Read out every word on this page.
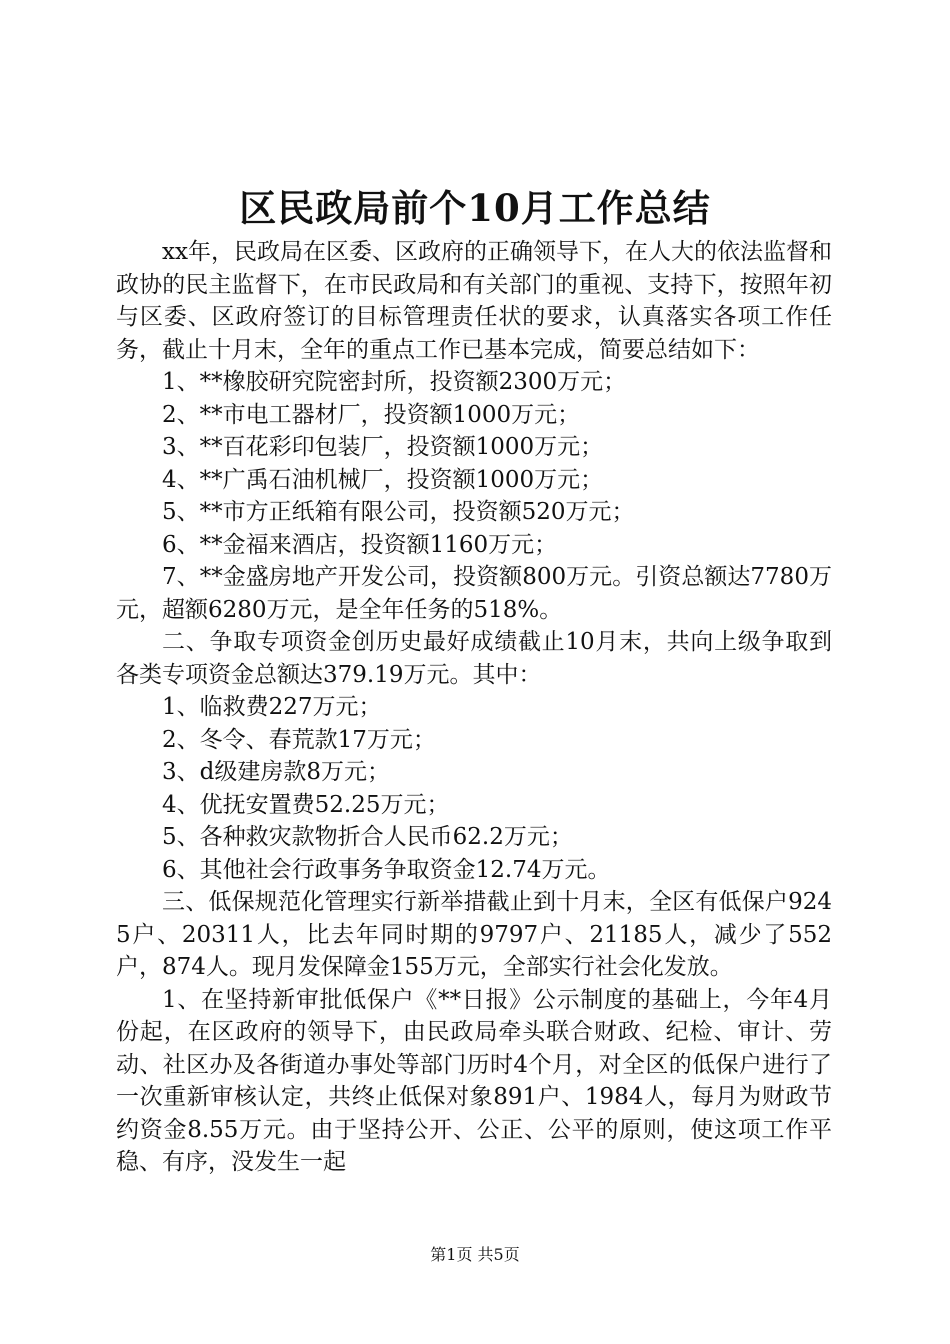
区民政局前个10月工作总结

xx年，民政局在区委、区政府的正确领导下，在人大的依法监督和政协的民主监督下，在市民政局和有关部门的重视、支持下，按照年初与区委、区政府签订的目标管理责任状的要求，认真落实各项工作任务，截止十月末，全年的重点工作已基本完成，简要总结如下：

1、**橡胶研究院密封所，投资额2300万元；

2、**市电工器材厂，投资额1000万元；

3、**百花彩印包装厂，投资额1000万元；

4、**广禹石油机械厂，投资额1000万元；

5、**市方正纸箱有限公司，投资额520万元；

6、**金福来酒店，投资额1160万元；

7、**金盛房地产开发公司，投资额800万元。引资总额达7780万元，超额6280万元，是全年任务的518%。

二、争取专项资金创历史最好成绩截止10月末，共向上级争取到各类专项资金总额达379.19万元。其中：

1、临救费227万元；

2、冬令、春荒款17万元；

3、d级建房款8万元；

4、优抚安置费52.25万元；

5、各种救灾款物折合人民币62.2万元；

6、其他社会行政事务争取资金12.74万元。

三、低保规范化管理实行新举措截止到十月末，全区有低保户9245户、20311人，比去年同时期的9797户、21185人，减少了552户，874人。现月发保障金155万元，全部实行社会化发放。

1、在坚持新审批低保户《**日报》公示制度的基础上，今年4月份起，在区政府的领导下，由民政局牵头联合财政、纪检、审计、劳动、社区办及各街道办事处等部门历时4个月，对全区的低保户进行了一次重新审核认定，共终止低保对象891户、1984人，每月为财政节约资金8.55万元。由于坚持公开、公正、公平的原则，使这项工作平稳、有序，没发生一起

第1页 共5页
